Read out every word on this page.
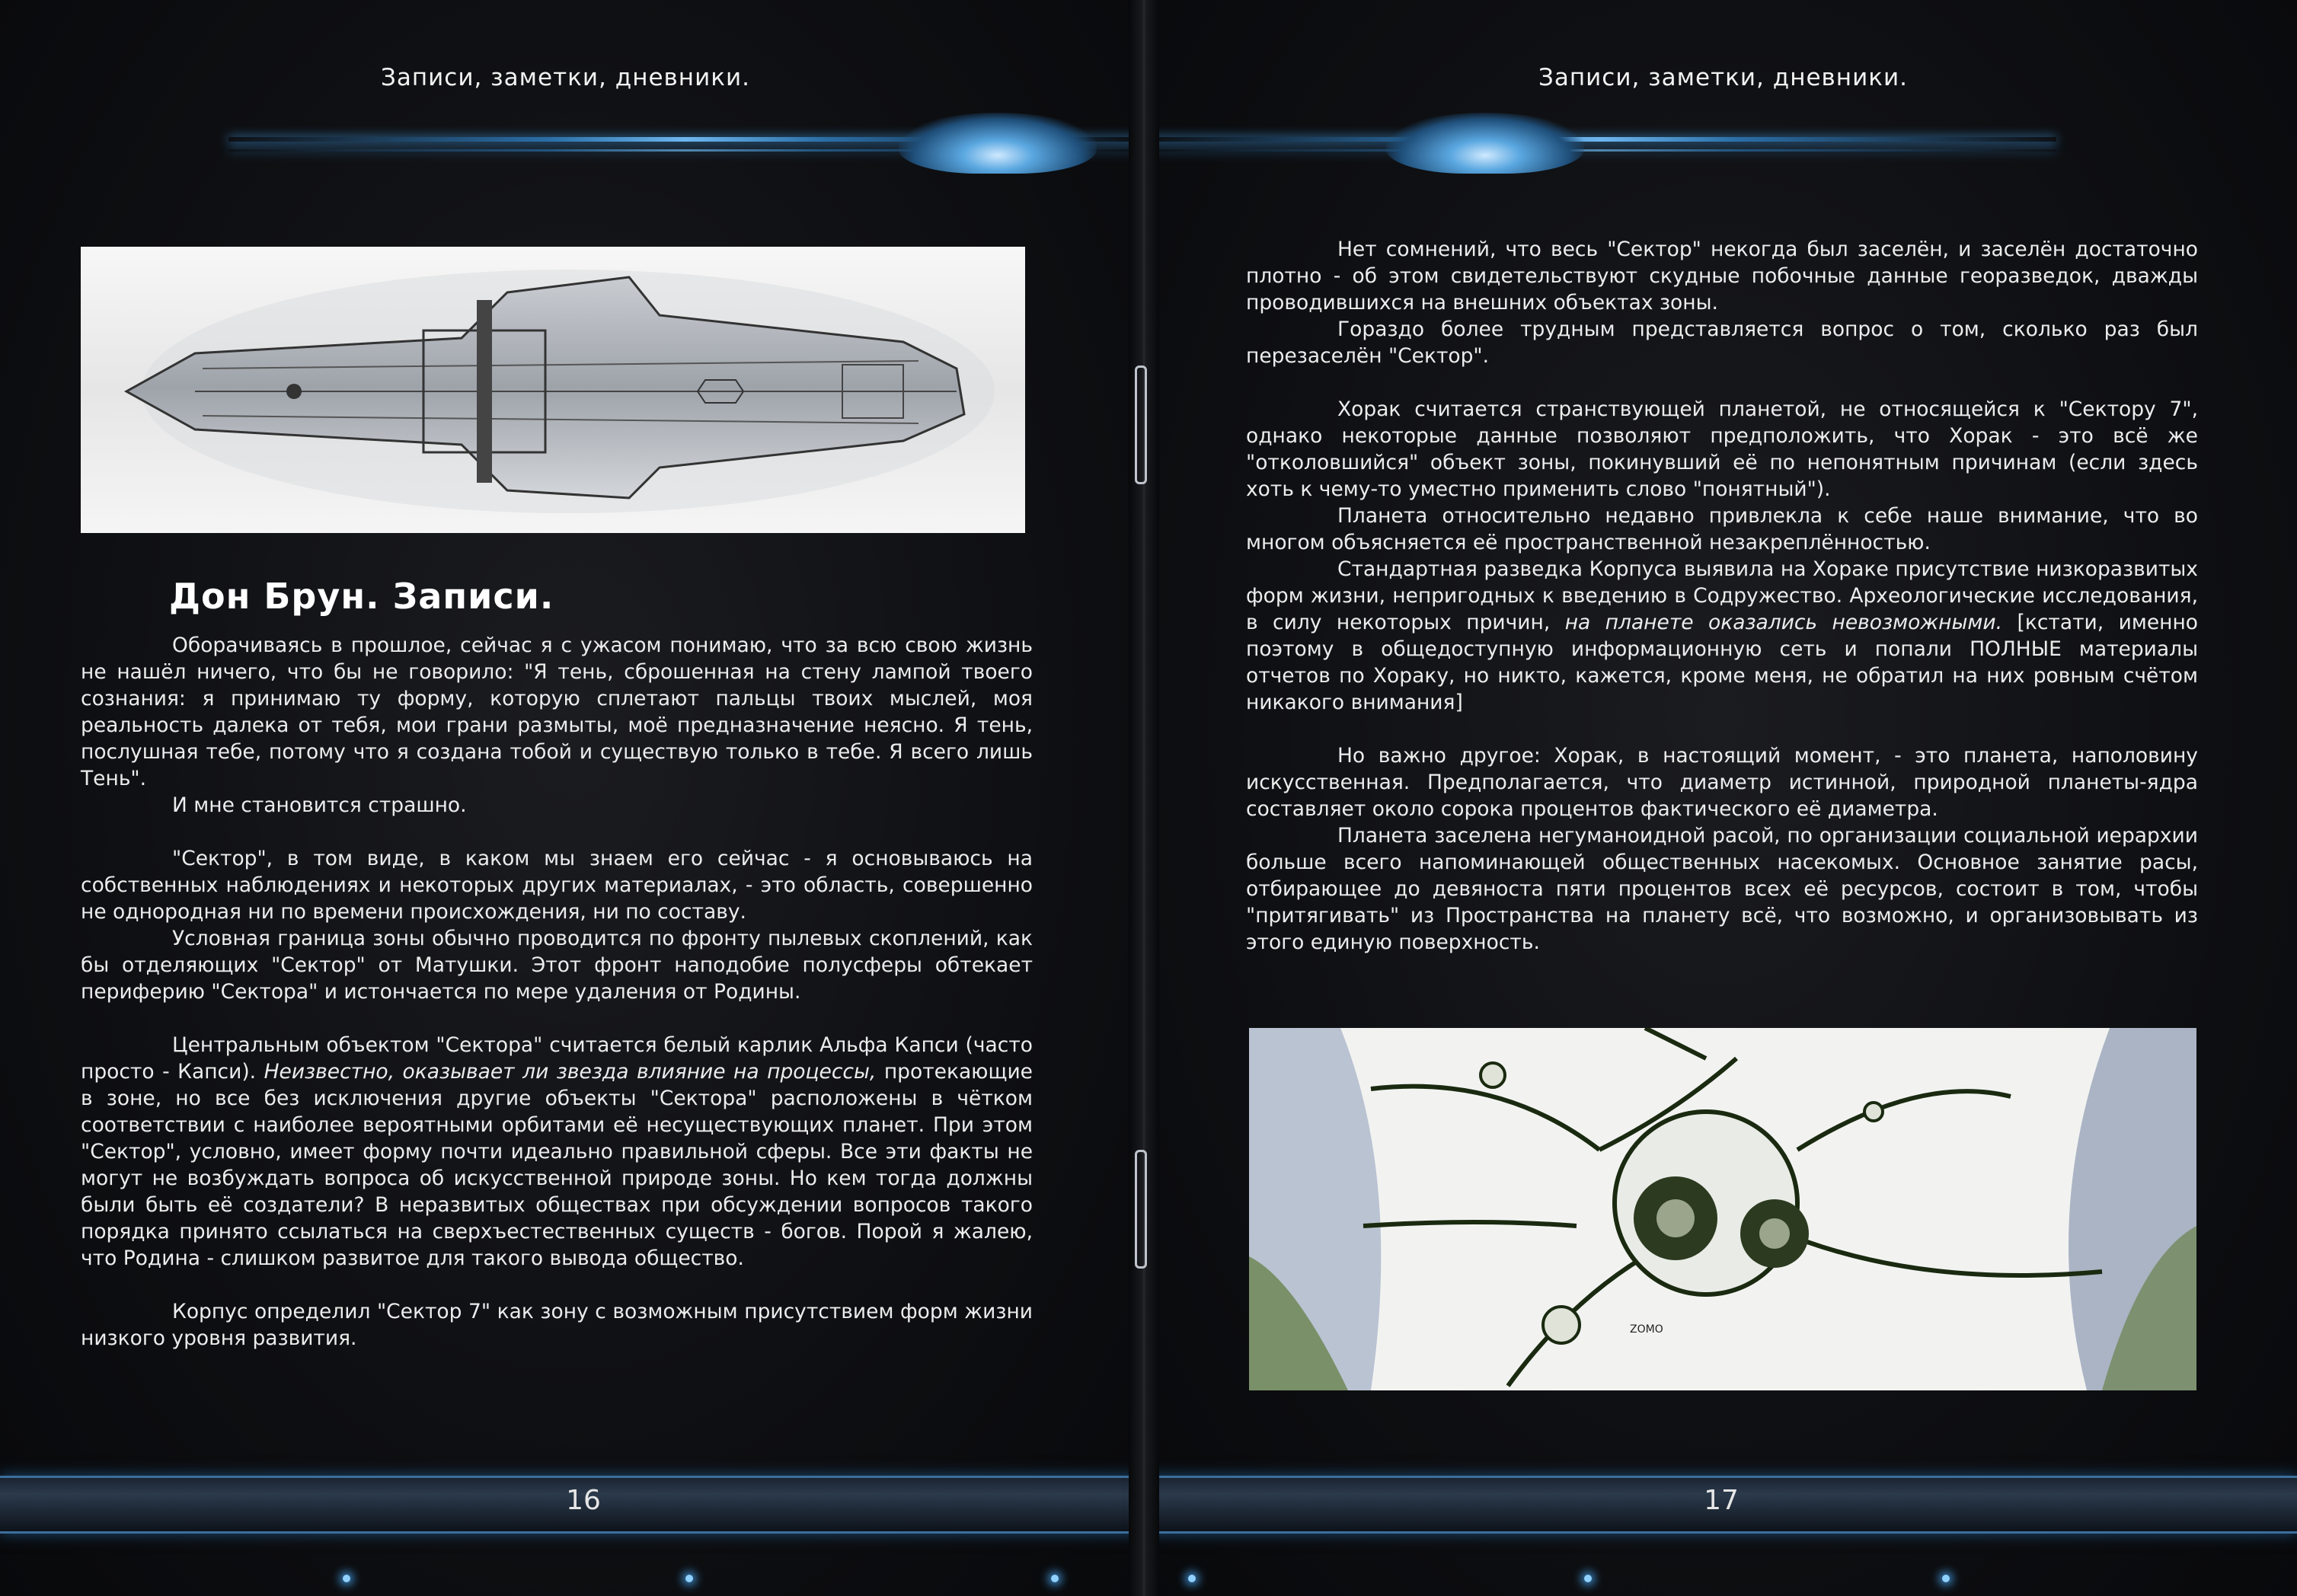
Записи, заметки, дневники.
Дон Брун. Записи.

Оборачиваясь в прошлое, сейчас я с ужасом понимаю, что за всю свою жизнь не нашёл ничего, что бы не говорило: "Я тень, сброшенная на стену лампой твоего сознания: я принимаю ту форму, которую сплетают пальцы твоих мыслей, моя реальность далека от тебя, мои грани размыты, моё предназначение неясно. Я тень, послушная тебе, потому что я создана тобой и существую только в тебе. Я всего лишь Тень".

И мне становится страшно.

"Сектор", в том виде, в каком мы знаем его сейчас - я основываюсь на собственных наблюдениях и некоторых других материалах, - это область, совершенно не однородная ни по времени происхождения, ни по составу.

Условная граница зоны обычно проводится по фронту пылевых скоплений, как бы отделяющих "Сектор" от Матушки. Этот фронт наподобие полусферы обтекает периферию "Сектора" и истончается по мере удаления от Родины.

Центральным объектом "Сектора" считается белый карлик Альфа Капси (часто просто - Капси). Неизвестно, оказывает ли звезда влияние на процессы, протекающие в зоне, но все без исключения другие объекты "Сектора" расположены в чётком соответствии с наиболее вероятными орбитами её несуществующих планет. При этом "Сектор", условно, имеет форму почти идеально правильной сферы. Все эти факты не могут не возбуждать вопроса об искусственной природе зоны. Но кем тогда должны были быть её создатели? В неразвитых обществах при обсуждении вопросов такого порядка принято ссылаться на сверхъестественных существ - богов. Порой я жалею, что Родина - слишком развитое для такого вывода общество.

Корпус определил "Сектор 7" как зону с возможным присутствием форм жизни низкого уровня развития.

16
Записи, заметки, дневники.

Нет сомнений, что весь "Сектор" некогда был заселён, и заселён достаточно плотно - об этом свидетельствуют скудные побочные данные георазведок, дважды проводившихся на внешних объектах зоны.

Гораздо более трудным представляется вопрос о том, сколько раз был перезаселён "Сектор".

Хорак считается странствующей планетой, не относящейся к "Сектору 7", однако некоторые данные позволяют предположить, что Хорак - это всё же "отколовшийся" объект зоны, покинувший её по непонятным причинам (если здесь хоть к чему-то уместно применить слово "понятный").

Планета относительно недавно привлекла к себе наше внимание, что во многом объясняется её пространственной незакреплённостью.

Стандартная разведка Корпуса выявила на Хораке присутствие низкоразвитых форм жизни, непригодных к введению в Содружество. Археологические исследования, в силу некоторых причин, на планете оказались невозможными. [кстати, именно поэтому в общедоступную информационную сеть и попали ПОЛНЫЕ материалы отчетов по Хораку, но никто, кажется, кроме меня, не обратил на них ровным счётом никакого внимания]

Но важно другое: Хорак, в настоящий момент, - это планета, наполовину искусственная. Предполагается, что диаметр истинной, природной планеты-ядра составляет около сорока процентов фактического её диаметра.

Планета заселена негуманоидной расой, по организации социальной иерархии больше всего напоминающей общественных насекомых. Основное занятие расы, отбирающее до девяноста пяти процентов всех её ресурсов, состоит в том, чтобы "притягивать" из Пространства на планету всё, что возможно, и организовывать из этого единую поверхность.

ZOMO
17
